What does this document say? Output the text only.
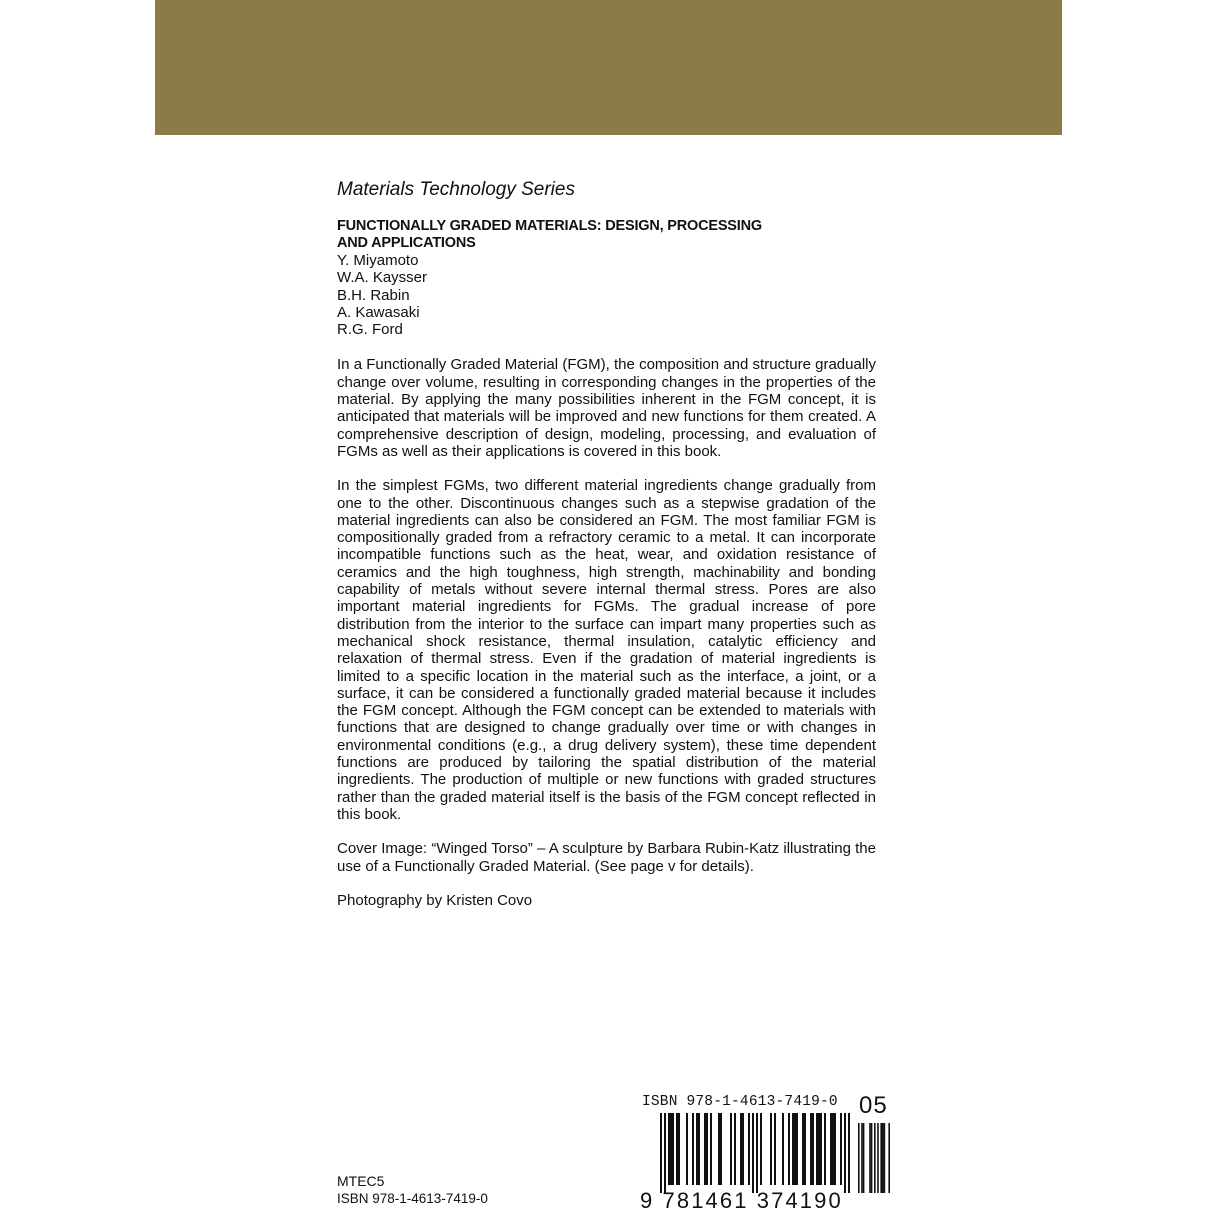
Materials Technology Series

FUNCTIONALLY GRADED MATERIALS: DESIGN, PROCESSING

AND APPLICATIONS

Y. Miyamoto
W.A. Kaysser
B.H. Rabin
A. Kawasaki
R.G. Ford

In a Functionally Graded Material (FGM), the composition and structure gradually change over volume, resulting in corresponding changes in the properties of the material. By applying the many possibilities inherent in the FGM concept, it is anticipated that materials will be improved and new functions for them created. A comprehensive description of design, modeling, processing, and evaluation of FGMs as well as their applications is covered in this book.

In the simplest FGMs, two different material ingredients change gradually from one to the other. Discontinuous changes such as a stepwise gradation of the material ingredients can also be considered an FGM. The most familiar FGM is compositionally graded from a refractory ceramic to a metal. It can incorporate incompatible functions such as the heat, wear, and oxidation resistance of ceramics and the high toughness, high strength, machinability and bonding capability of metals without severe internal thermal stress. Pores are also important material ingredients for FGMs. The gradual increase of pore distribution from the interior to the surface can impart many properties such as mechanical shock resistance, thermal insulation, catalytic efficiency and relaxation of thermal stress. Even if the gradation of material ingredients is limited to a specific location in the material such as the interface, a joint, or a surface, it can be considered a functionally graded material because it includes the FGM concept. Although the FGM concept can be extended to materials with functions that are designed to change gradually over time or with changes in environmental conditions (e.g., a drug delivery system), these time dependent functions are produced by tailoring the spatial distribution of the material ingredients. The production of multiple or new functions with graded structures rather than the graded material itself is the basis of the FGM concept reflected in this book.

Cover Image: “Winged Torso” – A sculpture by Barbara Rubin-Katz illustrating the use of a Functionally Graded Material. (See page v for details).

Photography by Kristen Covo

MTEC5
ISBN 978-1-4613-7419-0
ISBN 978-1-4613-7419-0 05
9 781461 374190
